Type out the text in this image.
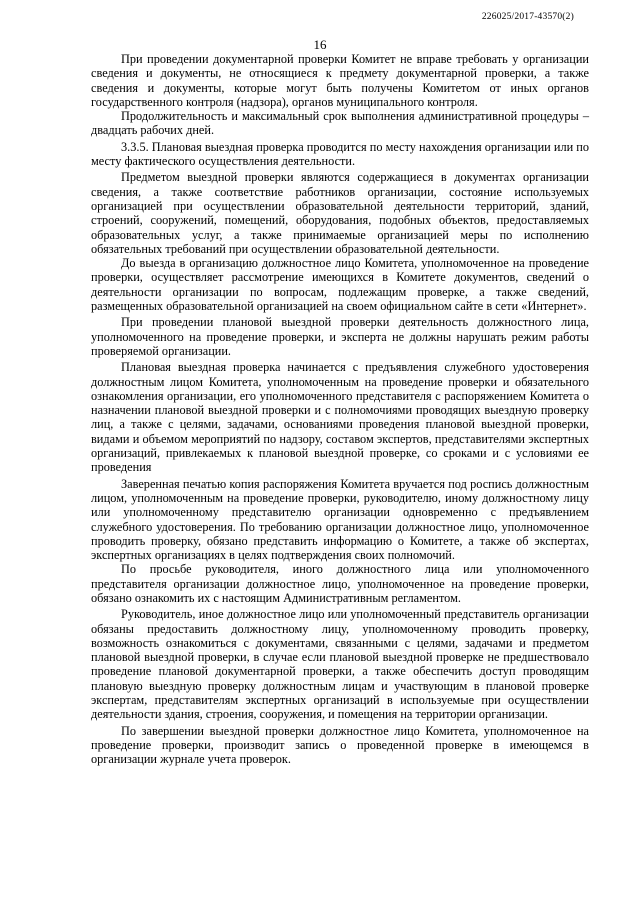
226025/2017-43570(2)
16

При проведении документарной проверки Комитет не вправе требовать у организации сведения и документы, не относящиеся к предмету документарной проверки, а также сведения и документы, которые могут быть получены Комитетом от иных органов государственного контроля (надзора), органов муниципального контроля.

Продолжительность и максимальный срок выполнения административной процедуры – двадцать рабочих дней.

3.3.5. Плановая выездная проверка проводится по месту нахождения организации или по месту фактического осуществления деятельности.

Предметом выездной проверки являются содержащиеся в документах организации сведения, а также соответствие работников организации, состояние используемых организацией при осуществлении образовательной деятельности территорий, зданий, строений, сооружений, помещений, оборудования, подобных объектов, предоставляемых образовательных услуг, а также принимаемые организацией меры по исполнению обязательных требований при осуществлении образовательной деятельности.

До выезда в организацию должностное лицо Комитета, уполномоченное на проведение проверки, осуществляет рассмотрение имеющихся в Комитете документов, сведений о деятельности организации по вопросам, подлежащим проверке, а также сведений, размещенных образовательной организацией на своем официальном сайте в сети «Интернет».

При проведении плановой выездной проверки деятельность должностного лица, уполномоченного на проведение проверки, и эксперта не должны нарушать режим работы проверяемой организации.

Плановая выездная проверка начинается с предъявления служебного удостоверения должностным лицом Комитета, уполномоченным на проведение проверки и обязательного ознакомления организации, его уполномоченного представителя с распоряжением Комитета о назначении плановой выездной проверки и с полномочиями проводящих выездную проверку лиц, а также с целями, задачами, основаниями проведения плановой выездной проверки, видами и объемом мероприятий по надзору, составом экспертов, представителями экспертных организаций, привлекаемых к плановой выездной проверке, со сроками и с условиями ее проведения

Заверенная печатью копия распоряжения Комитета вручается под роспись должностным лицом, уполномоченным на проведение проверки, руководителю, иному должностному лицу или уполномоченному представителю организации одновременно с предъявлением служебного удостоверения. По требованию организации должностное лицо, уполномоченное проводить проверку, обязано представить информацию о Комитете, а также об экспертах, экспертных организациях в целях подтверждения своих полномочий.

По просьбе руководителя, иного должностного лица или уполномоченного представителя организации должностное лицо, уполномоченное на проведение проверки, обязано ознакомить их с настоящим Административным регламентом.

Руководитель, иное должностное лицо или уполномоченный представитель организации обязаны предоставить должностному лицу, уполномоченному проводить проверку, возможность ознакомиться с документами, связанными с целями, задачами и предметом плановой выездной проверки, в случае если плановой выездной проверке не предшествовало проведение плановой документарной проверки, а также обеспечить доступ проводящим плановую выездную проверку должностным лицам и участвующим в плановой проверке экспертам, представителям экспертных организаций в используемые при осуществлении деятельности здания, строения, сооружения, и помещения на территории организации.

По завершении выездной проверки должностное лицо Комитета, уполномоченное на проведение проверки, производит запись о проведенной проверке в имеющемся в организации журнале учета проверок.
